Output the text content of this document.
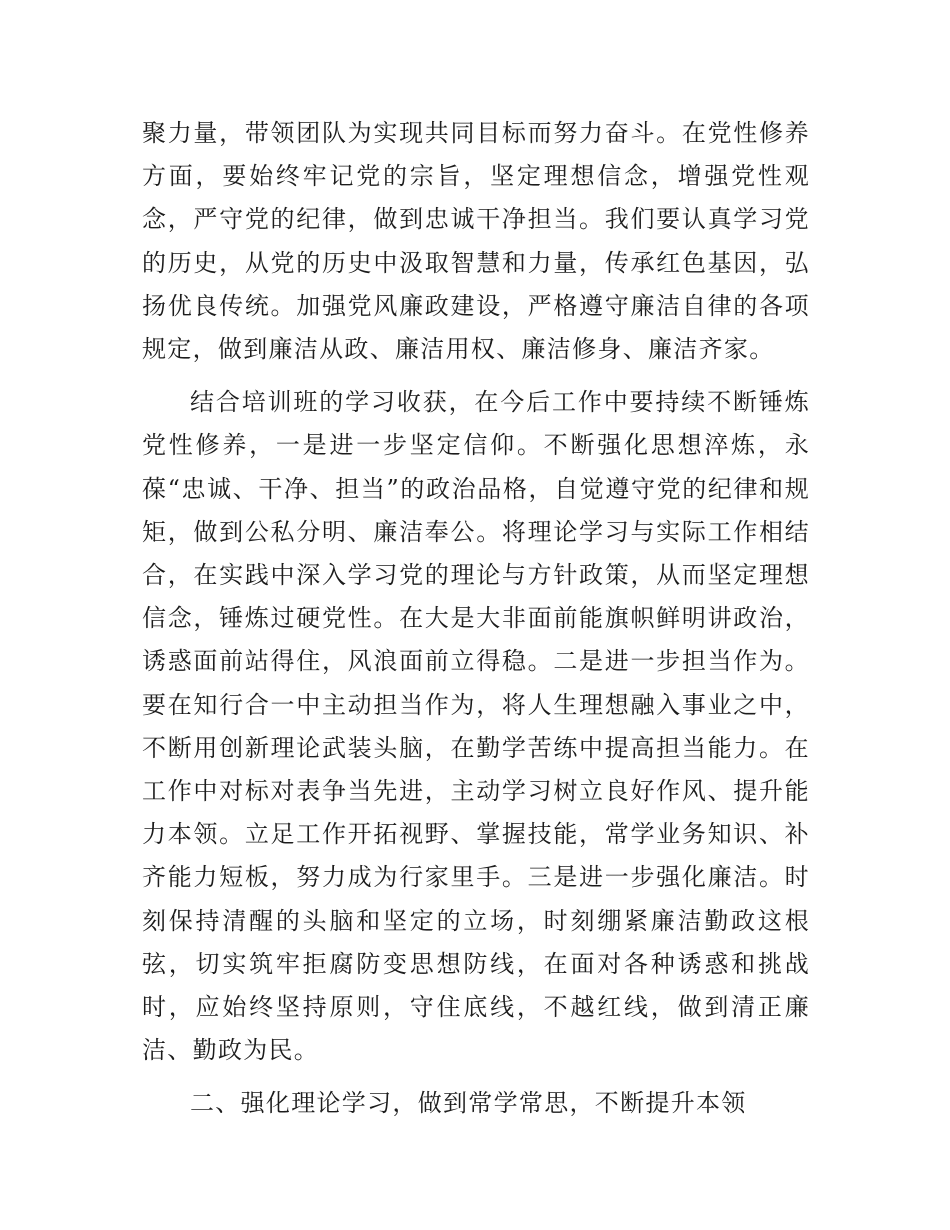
聚力量，带领团队为实现共同目标而努力奋斗。在党性修养方面，要始终牢记党的宗旨，坚定理想信念，增强党性观念，严守党的纪律，做到忠诚干净担当。我们要认真学习党的历史，从党的历史中汲取智慧和力量，传承红色基因，弘扬优良传统。加强党风廉政建设，严格遵守廉洁自律的各项规定，做到廉洁从政、廉洁用权、廉洁修身、廉洁齐家。

结合培训班的学习收获，在今后工作中要持续不断锤炼党性修养，一是进一步坚定信仰。不断强化思想淬炼，永葆“忠诚、干净、担当”的政治品格，自觉遵守党的纪律和规矩，做到公私分明、廉洁奉公。将理论学习与实际工作相结合，在实践中深入学习党的理论与方针政策，从而坚定理想信念，锤炼过硬党性。在大是大非面前能旗帜鲜明讲政治，诱惑面前站得住，风浪面前立得稳。二是进一步担当作为。要在知行合一中主动担当作为，将人生理想融入事业之中，不断用创新理论武装头脑，在勤学苦练中提高担当能力。在工作中对标对表争当先进，主动学习树立良好作风、提升能力本领。立足工作开拓视野、掌握技能，常学业务知识、补齐能力短板，努力成为行家里手。三是进一步强化廉洁。时刻保持清醒的头脑和坚定的立场，时刻绷紧廉洁勤政这根弦，切实筑牢拒腐防变思想防线，在面对各种诱惑和挑战时，应始终坚持原则，守住底线，不越红线，做到清正廉洁、勤政为民。

二、强化理论学习，做到常学常思，不断提升本领
